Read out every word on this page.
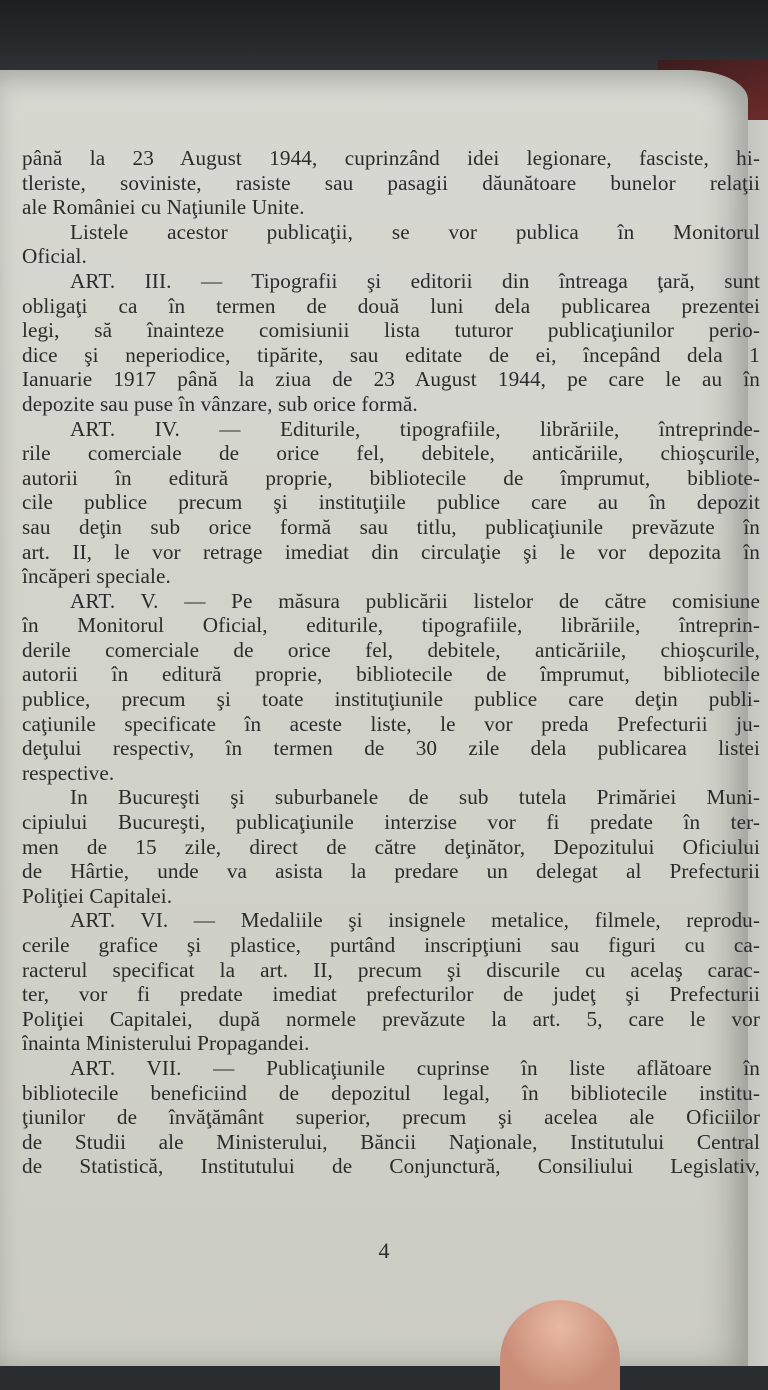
până la 23 August 1944, cuprinzând idei legionare, fasciste, hi-
tleriste, soviniste, rasiste sau pasagii dăunătoare bunelor relaţii
ale României cu Naţiunile Unite.
Listele acestor publicaţii, se vor publica în Monitorul
Oficial.
ART. III. — Tipografii şi editorii din întreaga ţară, sunt
obligaţi ca în termen de două luni dela publicarea prezentei
legi, să înainteze comisiunii lista tuturor publicaţiunilor perio-
dice şi neperiodice, tipărite, sau editate de ei, începând dela 1
Ianuarie 1917 până la ziua de 23 August 1944, pe care le au în
depozite sau puse în vânzare, sub orice formă.
ART. IV. — Editurile, tipografiile, librăriile, întreprinde-
rile comerciale de orice fel, debitele, anticăriile, chioşcurile,
autorii în editură proprie, bibliotecile de împrumut, bibliote-
cile publice precum şi instituţiile publice care au în depozit
sau deţin sub orice formă sau titlu, publicaţiunile prevăzute în
art. II, le vor retrage imediat din circulaţie şi le vor depozita în
încăperi speciale.
ART. V. — Pe măsura publicării listelor de către comisiune
în Monitorul Oficial, editurile, tipografiile, librăriile, întreprin-
derile comerciale de orice fel, debitele, anticăriile, chioşcurile,
autorii în editură proprie, bibliotecile de împrumut, bibliotecile
publice, precum şi toate instituţiunile publice care deţin publi-
caţiunile specificate în aceste liste, le vor preda Prefecturii ju-
deţului respectiv, în termen de 30 zile dela publicarea listei
respective.
In Bucureşti şi suburbanele de sub tutela Primăriei Muni-
cipiului Bucureşti, publicaţiunile interzise vor fi predate în ter-
men de 15 zile, direct de către deţinător, Depozitului Oficiului
de Hârtie, unde va asista la predare un delegat al Prefecturii
Poliţiei Capitalei.
ART. VI. — Medaliile şi insignele metalice, filmele, reprodu-
cerile grafice şi plastice, purtând inscripţiuni sau figuri cu ca-
racterul specificat la art. II, precum şi discurile cu acelaş carac-
ter, vor fi predate imediat prefecturilor de judeţ şi Prefecturii
Poliţiei Capitalei, după normele prevăzute la art. 5, care le vor
înainta Ministerului Propagandei.
ART. VII. — Publicaţiunile cuprinse în liste aflătoare în
bibliotecile beneficiind de depozitul legal, în bibliotecile institu-
ţiunilor de învăţământ superior, precum şi acelea ale Oficiilor
de Studii ale Ministerului, Băncii Naţionale, Institutului Central
de Statistică, Institutului de Conjunctură, Consiliului Legislativ,
4
